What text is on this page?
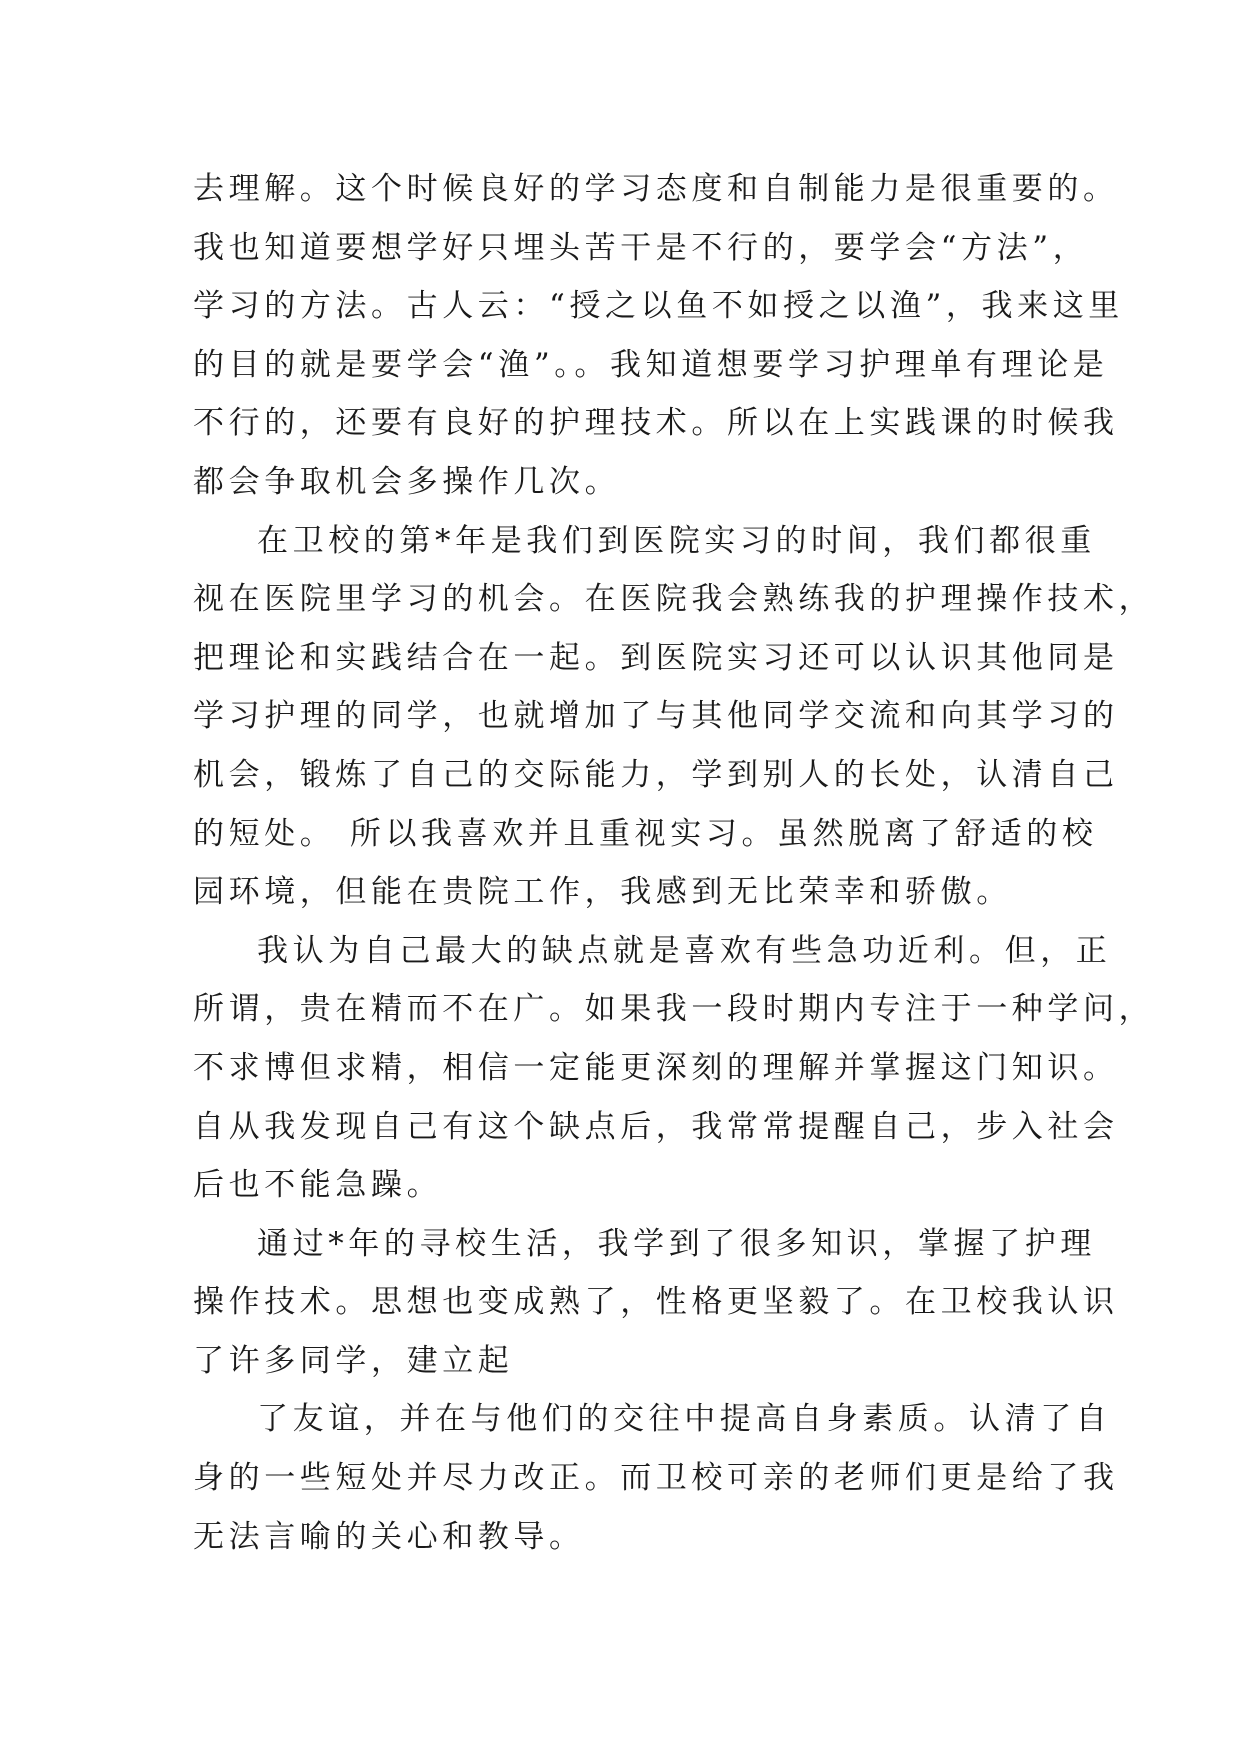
去理解。这个时候良好的学习态度和自制能力是很重要的。
我也知道要想学好只埋头苦干是不行的，要学会“方法”，
学习的方法。古人云：“授之以鱼不如授之以渔”，我来这里
的目的就是要学会“渔”。。我知道想要学习护理单有理论是
不行的，还要有良好的护理技术。所以在上实践课的时候我
都会争取机会多操作几次。
在卫校的第*年是我们到医院实习的时间，我们都很重
视在医院里学习的机会。在医院我会熟练我的护理操作技术，
把理论和实践结合在一起。到医院实习还可以认识其他同是
学习护理的同学，也就增加了与其他同学交流和向其学习的
机会，锻炼了自己的交际能力，学到别人的长处，认清自己
的短处。 所以我喜欢并且重视实习。虽然脱离了舒适的校
园环境，但能在贵院工作，我感到无比荣幸和骄傲。
我认为自己最大的缺点就是喜欢有些急功近利。但，正
所谓，贵在精而不在广。如果我一段时期内专注于一种学问，
不求博但求精，相信一定能更深刻的理解并掌握这门知识。
自从我发现自己有这个缺点后，我常常提醒自己，步入社会
后也不能急躁。
通过*年的寻校生活，我学到了很多知识，掌握了护理
操作技术。思想也变成熟了，性格更坚毅了。在卫校我认识
了许多同学，建立起
了友谊，并在与他们的交往中提高自身素质。认清了自
身的一些短处并尽力改正。而卫校可亲的老师们更是给了我
无法言喻的关心和教导。
